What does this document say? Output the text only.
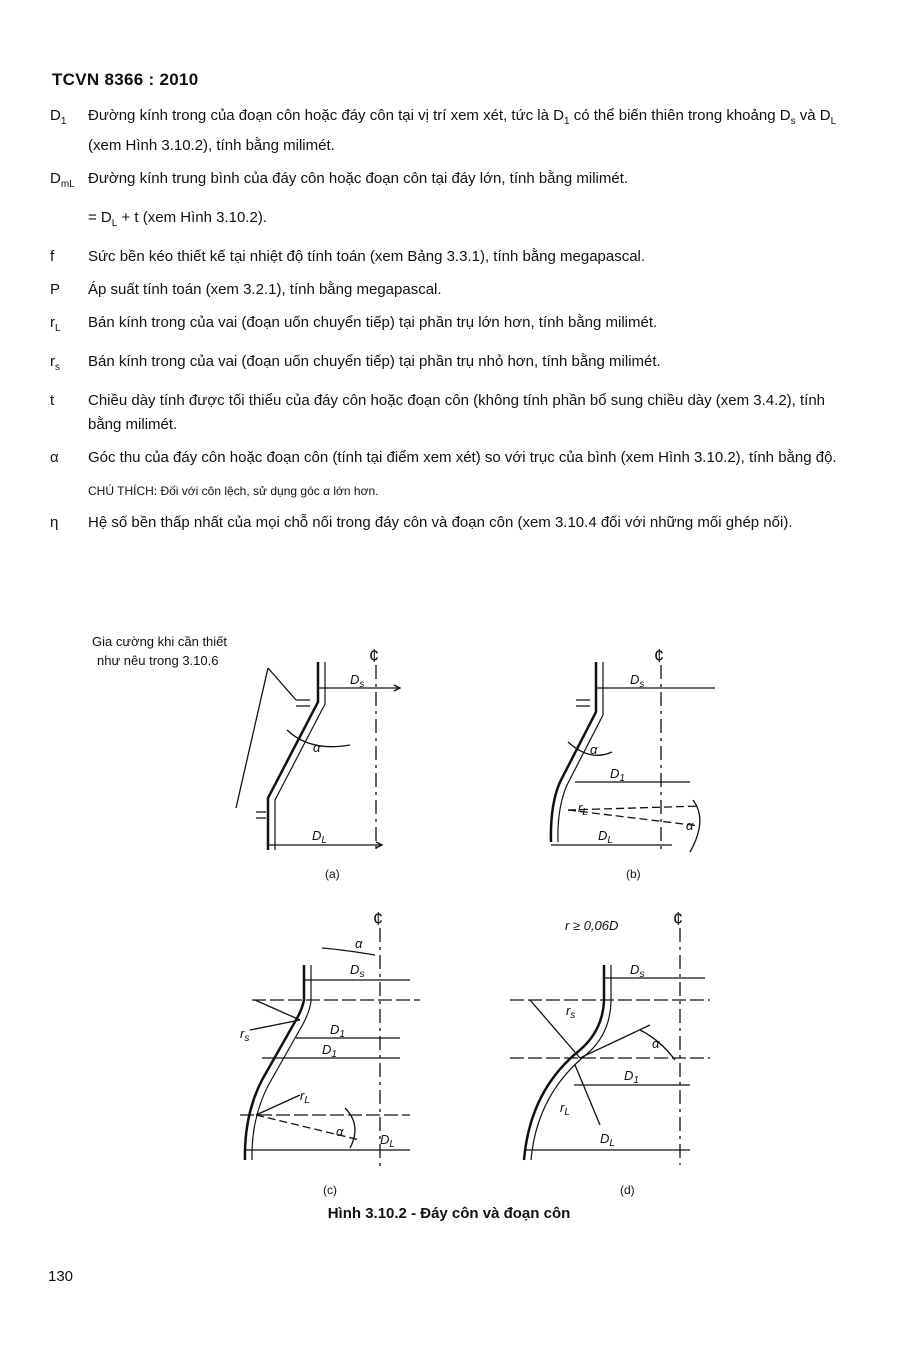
TCVN 8366 : 2010
$D_1$	Đường kính trong của đoạn côn hoặc đáy côn tại vị trí xem xét, tức là $D_1$ có thể biến thiên trong khoảng $D_s$ và $D_L$ (xem Hình 3.10.2), tính bằng milimét.
$D_{mL}$ Đường kính trung bình của đáy côn hoặc đoạn côn tại đáy lớn, tính bằng milimét.
= $D_L + t$ (xem Hình 3.10.2).
f	Sức bền kéo thiết kế tại nhiệt độ tính toán (xem Bảng 3.3.1), tính bằng megapascal.
P	Áp suất tính toán (xem 3.2.1), tính bằng megapascal.
$r_L$	Bán kính trong của vai (đoạn uốn chuyển tiếp) tại phần trụ lớn hơn, tính bằng milimét.
$r_s$	Bán kính trong của vai (đoạn uốn chuyển tiếp) tại phần trụ nhỏ hơn, tính bằng milimét.
t	Chiều dày tính được tối thiểu của đáy côn hoặc đoạn côn (không tính phần bổ sung chiều dày (xem 3.4.2), tính bằng milimét.
α	Góc thu của đáy côn hoặc đoạn côn (tính tại điểm xem xét) so với trục của bình (xem Hình 3.10.2), tính bằng độ.
CHÚ THÍCH: Đối với côn lệch, sử dụng góc α lớn hơn.
η	Hệ số bền thấp nhất của mọi chỗ nối trong đáy côn và đoạn côn (xem 3.10.4 đối với những mối ghép nối).
Gia cường khi cần thiết
như nêu trong 3.10.6	¢
$D_s$
$D_L$
α
(a)
¢
$D_s$
$D_1$
$D_L$
$r_L$
α
α
(b)
¢
$D_s$
$D_1$
$D_1$
$D_L$
$r_s$
$r_L$
α
α
(c)
r ≥ 0,06D	¢
$D_s$
$D_1$
$D_L$
$r_s$
$r_L$
α
(d)
Hình 3.10.2 - Đáy côn và đoạn côn
130
